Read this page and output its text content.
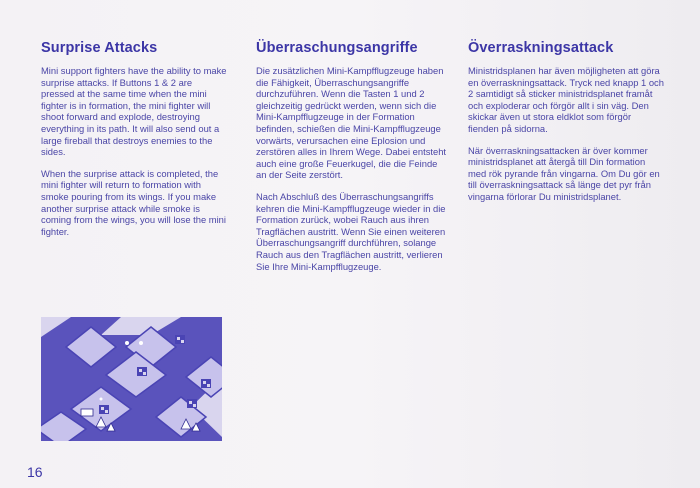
Surprise Attacks

Mini support fighters have the ability to make surprise attacks. If Buttons 1 & 2 are pressed at the same time when the mini fighter is in formation, the mini fighter will shoot forward and explode, destroying everything in its path. It will also send out a large fireball that destroys enemies to the sides.

When the surprise attack is completed, the mini fighter will return to formation with smoke pouring from its wings. If you make another surprise attack while smoke is coming from the wings, you will lose the mini fighter.

Überraschungsangriffe

Die zusätzlichen Mini-Kampfflugzeuge haben die Fähigkeit, Überraschungsangriffe durchzuführen. Wenn die Tasten 1 und 2 gleichzeitig gedrückt werden, wenn sich die Mini-Kampfflugzeuge in der Formation befinden, schießen die Mini-Kampfflugzeuge vorwärts, verursachen eine Eplosion und zerstören alles in Ihrem Wege. Dabei entsteht auch eine große Feuerkugel, die die Feinde an der Seite zerstört.

Nach Abschluß des Überraschungsangriffs kehren die Mini-Kampfflugzeuge wieder in die Formation zurück, wobei Rauch aus ihren Tragflächen austritt. Wenn Sie einen weiteren Überraschungsangriff durchführen, solange Rauch aus den Tragflächen austritt, verlieren Sie Ihre Mini-Kampfflugzeuge.

Överraskningsattack

Ministridsplanen har även möjligheten att göra en överraskningsattack. Tryck ned knapp 1 och 2 samtidigt så sticker ministridsplanet framåt och exploderar och förgör allt i sin väg. Den skickar även ut stora eldklot som förgör fienden på sidorna.

När överraskningsattacken är över kommer ministridsplanet att återgå till Din formation med rök pyrande från vingarna. Om Du gör en till överraskningsattack så länge det pyr från vingarna förlorar Du ministridsplanet.

16
